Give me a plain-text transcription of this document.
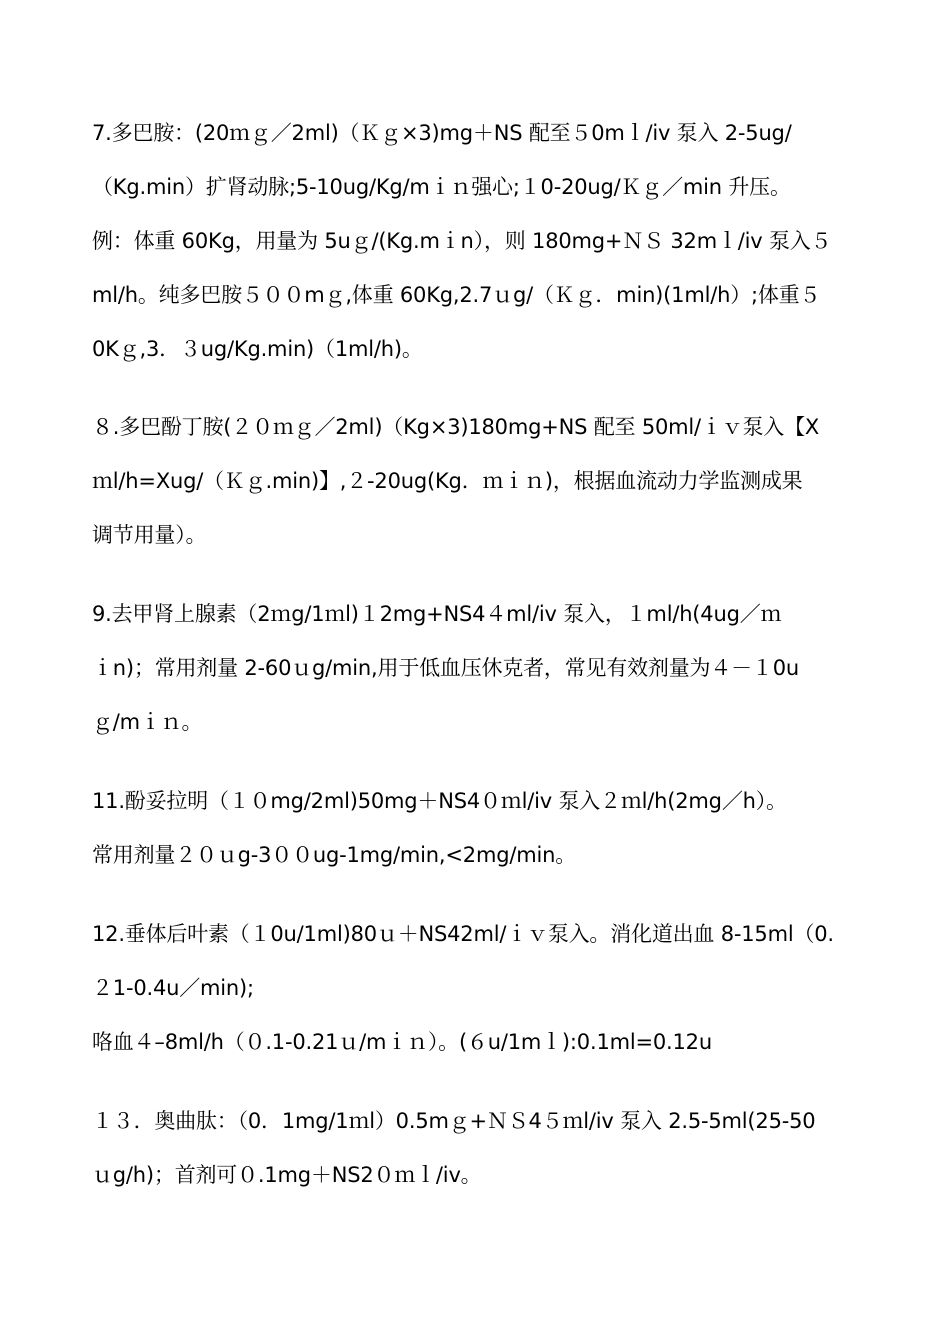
7.多巴胺：(20ｍｇ／2ml)（Ｋｇ×3)mg＋NS 配至５0mｌ/iv 泵入 2-5ug/
（Kg.min）扩肾动脉;5-10ug/Kg/mｉｎ强心;１0-20ug/Ｋｇ／min 升压。
例：体重 60Kg，用量为 5uｇ/(Kg.mｉn），则 180mg+ＮＳ 32mｌ/iv 泵入５
ml/h。纯多巴胺５００mｇ,体重 60Kg,2.7ｕg/（Ｋｇ．min)(1ml/h）;体重５
0Kｇ,3．３ug/Kg.min)（1ml/h)。
８.多巴酚丁胺(２０ｍｇ／2ml)（Kg×3)180mg+NS 配至 50ml/ｉｖ泵入【X
ｍl/h=Xug/（Ｋｇ.min)】,２-20ug(Kg．ｍｉｎ)，根据血流动力学监测成果
调节用量）。
9.去甲肾上腺素（2ｍg/1ｍl)１2mg+NS4４ml/iv 泵入，１ml/h(4ug／ｍ
ｉn)；常用剂量 2-60ｕg/min,用于低血压休克者，常见有效剂量为４－１0u
ｇ/mｉｎ。
11.酚妥拉明（１０mg/2ml)50mg＋NS4０ｍl/iv 泵入２ｍl/h(2mg／h）。
常用剂量２０ｕg-3００ug-1mg/min,<2mg/min。
12.垂体后叶素（１0u/1ml)80ｕ＋NS42ml/ｉｖ泵入。消化道出血 8-15ml（0.
２1-0.4u／min);
咯血４–8ml/h（０.1-0.21ｕ/mｉｎ）。(６u/1mｌ):0.1ml=0.12u
１３．奥曲肽：（0．1mg/1ｍl）0.5mｇ+ＮＳ4５ｍl/iv 泵入 2.5-5ml(25-50
ｕg/h)；首剂可０.1mg＋NS2０ｍｌ/iv。
